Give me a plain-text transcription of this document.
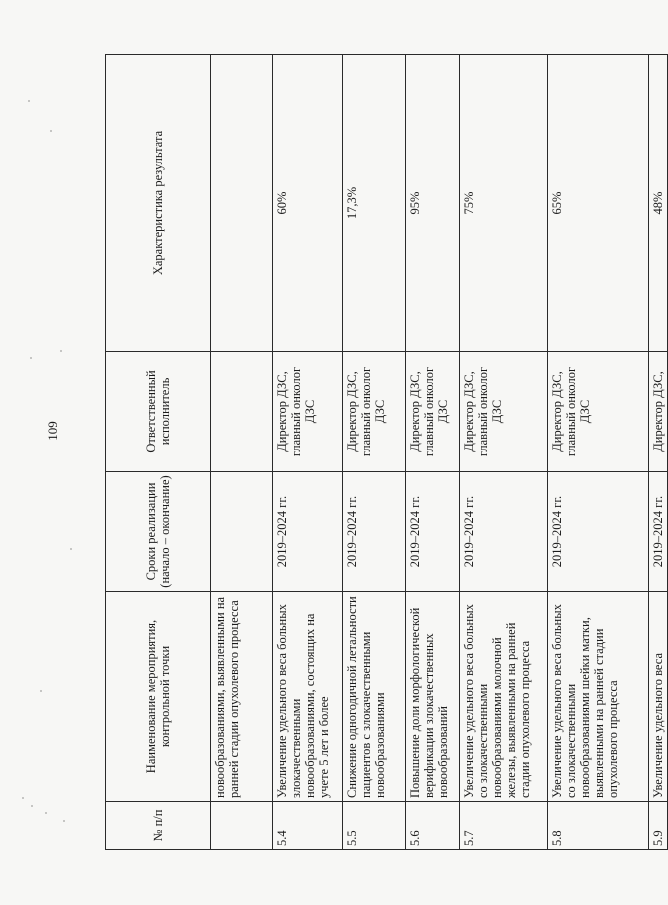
109
№ п/п	Наименование мероприятия, контрольной точки	Сроки реализации (начало – окончание)	Ответственный исполнитель	Характеристика результата
	новообразованиями, выявленными на ранней стадии опухолевого процесса			
5.4	Увеличение удельного веса больных злокачественными новообразованиями, состоящих на учете 5 лет и более	2019–2024 гг.	Директор ДЗС, главный онколог ДЗС	60%
5.5	Снижение одногодичной летальности пациентов с злокачественными новообразованиями	2019–2024 гг.	Директор ДЗС, главный онколог ДЗС	17,3%
5.6	Повышение доли морфологической верификации злокачественных новообразований	2019–2024 гг.	Директор ДЗС, главный онколог ДЗС	95%
5.7	Увеличение удельного веса больных со злокачественными новообразованиями молочной железы, выявленными на ранней стадии опухолевого процесса	2019–2024 гг.	Директор ДЗС, главный онколог ДЗС	75%
5.8	Увеличение удельного веса больных со злокачественными новообразованиями шейки матки, выявленными на ранней стадии опухолевого процесса	2019–2024 гг.	Директор ДЗС, главный онколог ДЗС	65%
5.9	Увеличение удельного веса	2019–2024 гг.	Директор ДЗС,	48%
